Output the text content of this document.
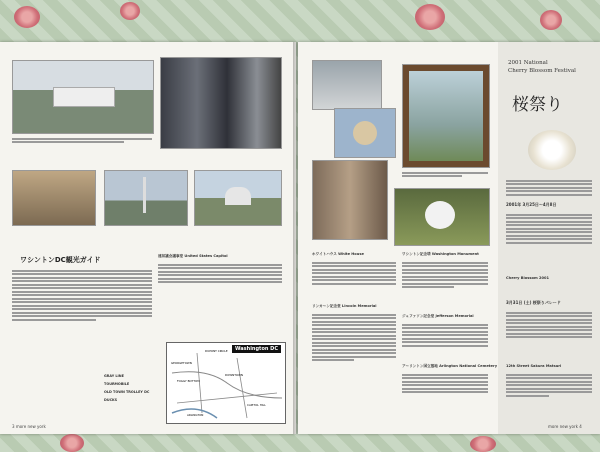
ワシントンDC観光ガイド	連邦議会議事堂 United States Capitol
GRAY LINE
TOURMOBILE
OLD TOWN TROLLEY DC DUCKS
Washington DC
GEORGETOWN
DUPONT CIRCLE
FOGGY BOTTOM
DOWNTOWN
CAPITOL HILL
ARLINGTON
3 more new york
ホワイトハウス White House
リンカーン記念堂 Lincoln Memorial
ワシントン記念塔 Washington Monument
ジェファソン記念堂 Jefferson Memorial
アーリントン国立墓地 Arlington National Cemetery
2001 National
Cherry Blossom Festival
桜祭り
2001年 3月25日〜4月8日
Cherry Blossom 2001
3月31日 (土) 桜祭りパレード
12th Street Sakura Matsuri
more new york 4
